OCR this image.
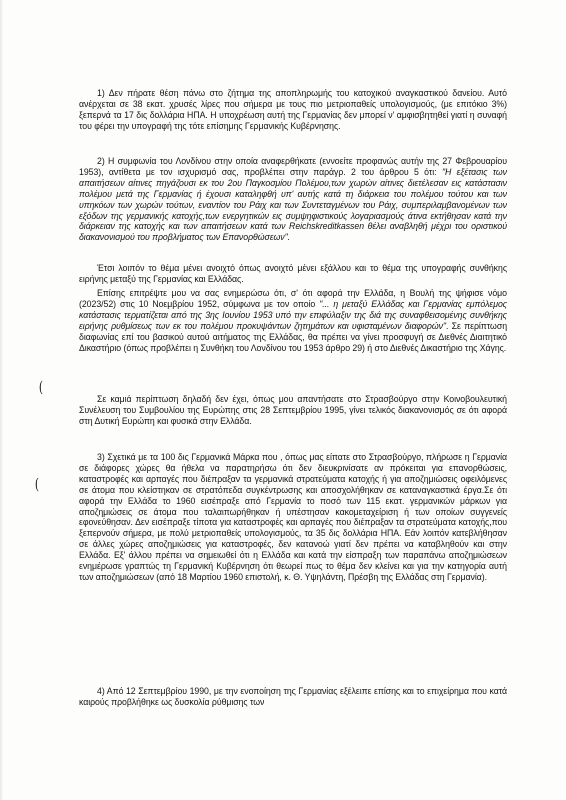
1) Δεν πήρατε θέση πάνω στο ζήτημα της αποπληρωμής του κατοχικού αναγκαστικού δανείου. Αυτό ανέρχεται σε 38 εκατ. χρυσές λίρες που σήμερα με τους πιο μετριοπαθείς υπολογισμούς, (με επιτόκιο 3%) ξεπερνά τα 17 δις δολλάρια ΗΠΑ. Η υποχρέωση αυτή της Γερμανίας δεν μπορεί ν' αμφισβητηθεί γιατί η συναφή του φέρει την υπογραφή της τότε επίσημης Γερμανικής Κυβέρνησης.

2) Η συμφωνία του Λονδίνου στην οποία αναφερθήκατε (εννοείτε προφανώς αυτήν της 27 Φεβρουαρίου 1953), αντίθετα με τον ισχυρισμό σας, προβλέπει στην παράγρ. 2 του άρθρου 5 ότι: "Η εξέτασις των απαιτήσεων αίτινες πηγάζουσι εκ του 2ου Παγκοσμίου Πολέμου,των χωρών αίτινες διετέλεσαν εις κατάστασιν πολέμου μετά της Γερμανίας ή έχουσι καταληφθή υπ' αυτής κατά τη διάρκεια του πολέμου τούτου και των υπηκόων των χωρών τούτων, εναντίον του Ράιχ και των Συντεταγμένων του Ράιχ, συμπεριλαμβανομένων των εξόδων της γερμανικής κατοχής,των ενεργητικών εις συμψηφιστικούς λογαριασμούς άτινα εκτήθησαν κατά την διάρκειαν της κατοχής και των απαιτήσεων κατά των Reichskreditkassen θέλει αναβληθή μέχρι του οριστικού διακανονισμού του προβλήματος των Επανορθώσεων".

Έτσι λοιπόν το θέμα μένει ανοιχτό όπως ανοιχτό μένει εξάλλου και το θέμα της υπογραφής συνθήκης ειρήνης μεταξύ της Γερμανίας και Ελλάδας.

Επίσης επιτρέψτε μου να σας ενημερώσω ότι, σ' ότι αφορά την Ελλάδα, η Βουλή της ψήφισε νόμο (2023/52) στις 10 Νοεμβρίου 1952, σύμφωνα με τον οποίο "... η μεταξύ Ελλάδας και Γερμανίας εμπόλεμος κατάστασις τερματίζεται από της 3ης Ιουνίου 1953 υπό την επιφύλαξιν της διά της συναφθεισομένης συνθήκης ειρήνης ρυθμίσεως των εκ του πολέμου προκυψάντων ζητημάτων και υφισταμένων διαφορών". Σε περίπτωση διαφωνίας επί του βασικού αυτού αιτήματος της Ελλάδας, θα πρέπει να γίνει προσφυγή σε Διεθνές Διαιτητικό Δικαστήριο (όπως προβλέπει η Συνθήκη του Λονδίνου του 1953 άρθρο 29) ή στο Διεθνές Δικαστήριο της Χάγης.

Σε καμιά περίπτωση δηλαδή δεν έχει, όπως μου απαντήσατε στο Στρασβούργο στην Κοινοβουλευτική Συνέλευση του Συμβουλίου της Ευρώπης στις 28 Σεπτεμβρίου 1995, γίνει τελικός διακανονισμός σε ότι αφορά στη Δυτική Ευρώπη και φυσικά στην Ελλάδα.

3) Σχετικά με τα 100 δις Γερμανικά Μάρκα που , όπως μας είπατε στο Στρασβούργο, πλήρωσε η Γερμανία σε διάφορες χώρες θα ήθελα να παρατηρήσω ότι δεν διευκρινίσατε αν πρόκειται για επανορθώσεις, καταστροφές και αρπαγές που διέπραξαν τα γερμανικά στρατεύματα κατοχής ή για αποζημιώσεις οφειλόμενες σε άτομα που κλείστηκαν σε στρατόπεδα συγκέντρωσης και αποσχολήθηκαν σε καταναγκαστικά έργα.Σε ότι αφορά την Ελλάδα το 1960 εισέπραξε από Γερμανία το ποσό των 115 εκατ. γερμανικών μάρκων για αποζημιώσεις σε άτομα που ταλαιπωρήθηκαν ή υπέστησαν κακομεταχείριση ή των οποίων συγγενείς εφονεύθησαν. Δεν εισέπραξε τίποτα για καταστροφές και αρπαγές που διέπραξαν τα στρατεύματα κατοχής,που ξεπερνούν σήμερα, με πολύ μετριοπαθείς υπολογισμούς, τα 35 δις δολλάρια ΗΠΑ. Εάν λοιπόν κατεβλήθησαν σε άλλες χώρες αποζημιώσεις για καταστροφές, δεν κατανοώ γιατί δεν πρέπει να καταβληθούν και στην Ελλάδα. Εξ' άλλου πρέπει να σημειωθεί ότι η Ελλάδα και κατά την είσπραξη των παραπάνω αποζημιώσεων ενημέρωσε γραπτώς τη Γερμανική Κυβέρνηση ότι θεωρεί πως το θέμα δεν κλείνει και για την κατηγορία αυτή των αποζημιώσεων (από 18 Μαρτίου 1960 επιστολή, κ. Θ. Υψηλάντη, Πρέσβη της Ελλάδας στη Γερμανία).

4) Από 12 Σεπτεμβρίου 1990, με την ενοποίηση της Γερμανίας εξέλειπε επίσης και το επιχείρημα που κατά καιρούς προβλήθηκε ως δυσκολία ρύθμισης των

(
(
